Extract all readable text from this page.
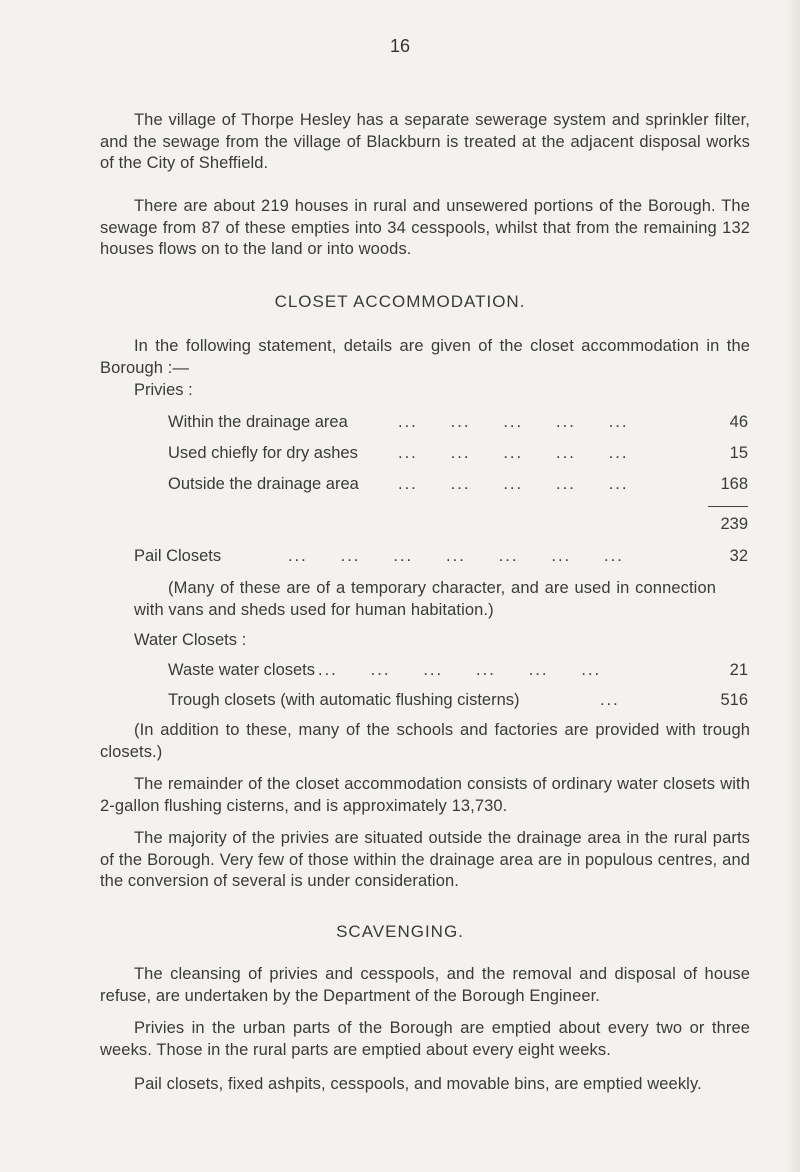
16

The village of Thorpe Hesley has a separate sewerage system and sprinkler filter, and the sewage from the village of Blackburn is treated at the adjacent disposal works of the City of Sheffield.

There are about 219 houses in rural and unsewered portions of the Borough. The sewage from 87 of these empties into 34 cesspools, whilst that from the remaining 132 houses flows on to the land or into woods.

CLOSET ACCOMMODATION.

In the following statement, details are given of the closet accommodation in the Borough :—

Privies :
Within the drainage area	...     ...     ...     ...     ...	46
Used chiefly for dry ashes ...     ...     ...     ...     ...	15
Outside the drainage area ...     ...     ...     ...     ...	168
239
Pail Closets	...     ...     ...     ...     ...     ...     ...	32

(Many of these are of a temporary character, and are used in connection with vans and sheds used for human habitation.)

Water Closets :
Waste water closets ...     ...     ...     ...     ...     ...	21
Trough closets (with automatic flushing cisterns)	...	516

(In addition to these, many of the schools and factories are provided with trough closets.)

The remainder of the closet accommodation consists of ordinary water closets with 2-gallon flushing cisterns, and is approximately 13,730.

The majority of the privies are situated outside the drainage area in the rural parts of the Borough. Very few of those within the drainage area are in populous centres, and the conversion of several is under consideration.

SCAVENGING.

The cleansing of privies and cesspools, and the removal and disposal of house refuse, are undertaken by the Department of the Borough Engineer.

Privies in the urban parts of the Borough are emptied about every two or three weeks. Those in the rural parts are emptied about every eight weeks.

Pail closets, fixed ashpits, cesspools, and movable bins, are emptied weekly.
